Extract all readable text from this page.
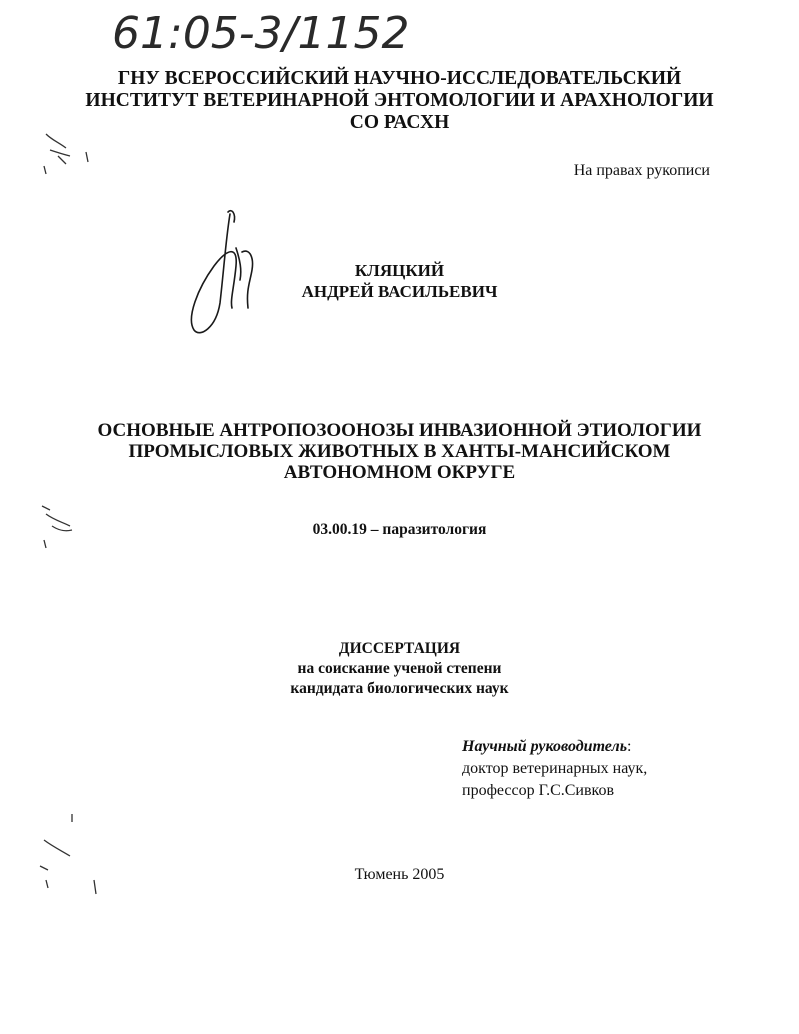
61:05-3/1152
ГНУ ВСЕРОССИЙСКИЙ НАУЧНО-ИССЛЕДОВАТЕЛЬСКИЙ
ИНСТИТУТ ВЕТЕРИНАРНОЙ ЭНТОМОЛОГИИ И АРАХНОЛОГИИ
СО РАСХН
На правах рукописи
КЛЯЦКИЙ
АНДРЕЙ ВАСИЛЬЕВИЧ
ОСНОВНЫЕ АНТРОПОЗООНОЗЫ ИНВАЗИОННОЙ ЭТИОЛОГИИ
ПРОМЫСЛОВЫХ ЖИВОТНЫХ В ХАНТЫ-МАНСИЙСКОМ
АВТОНОМНОМ ОКРУГЕ
03.00.19 – паразитология
ДИССЕРТАЦИЯ
на соискание ученой степени
кандидата биологических наук
Научный руководитель:
доктор ветеринарных наук,
профессор Г.С.Сивков
Тюмень 2005
